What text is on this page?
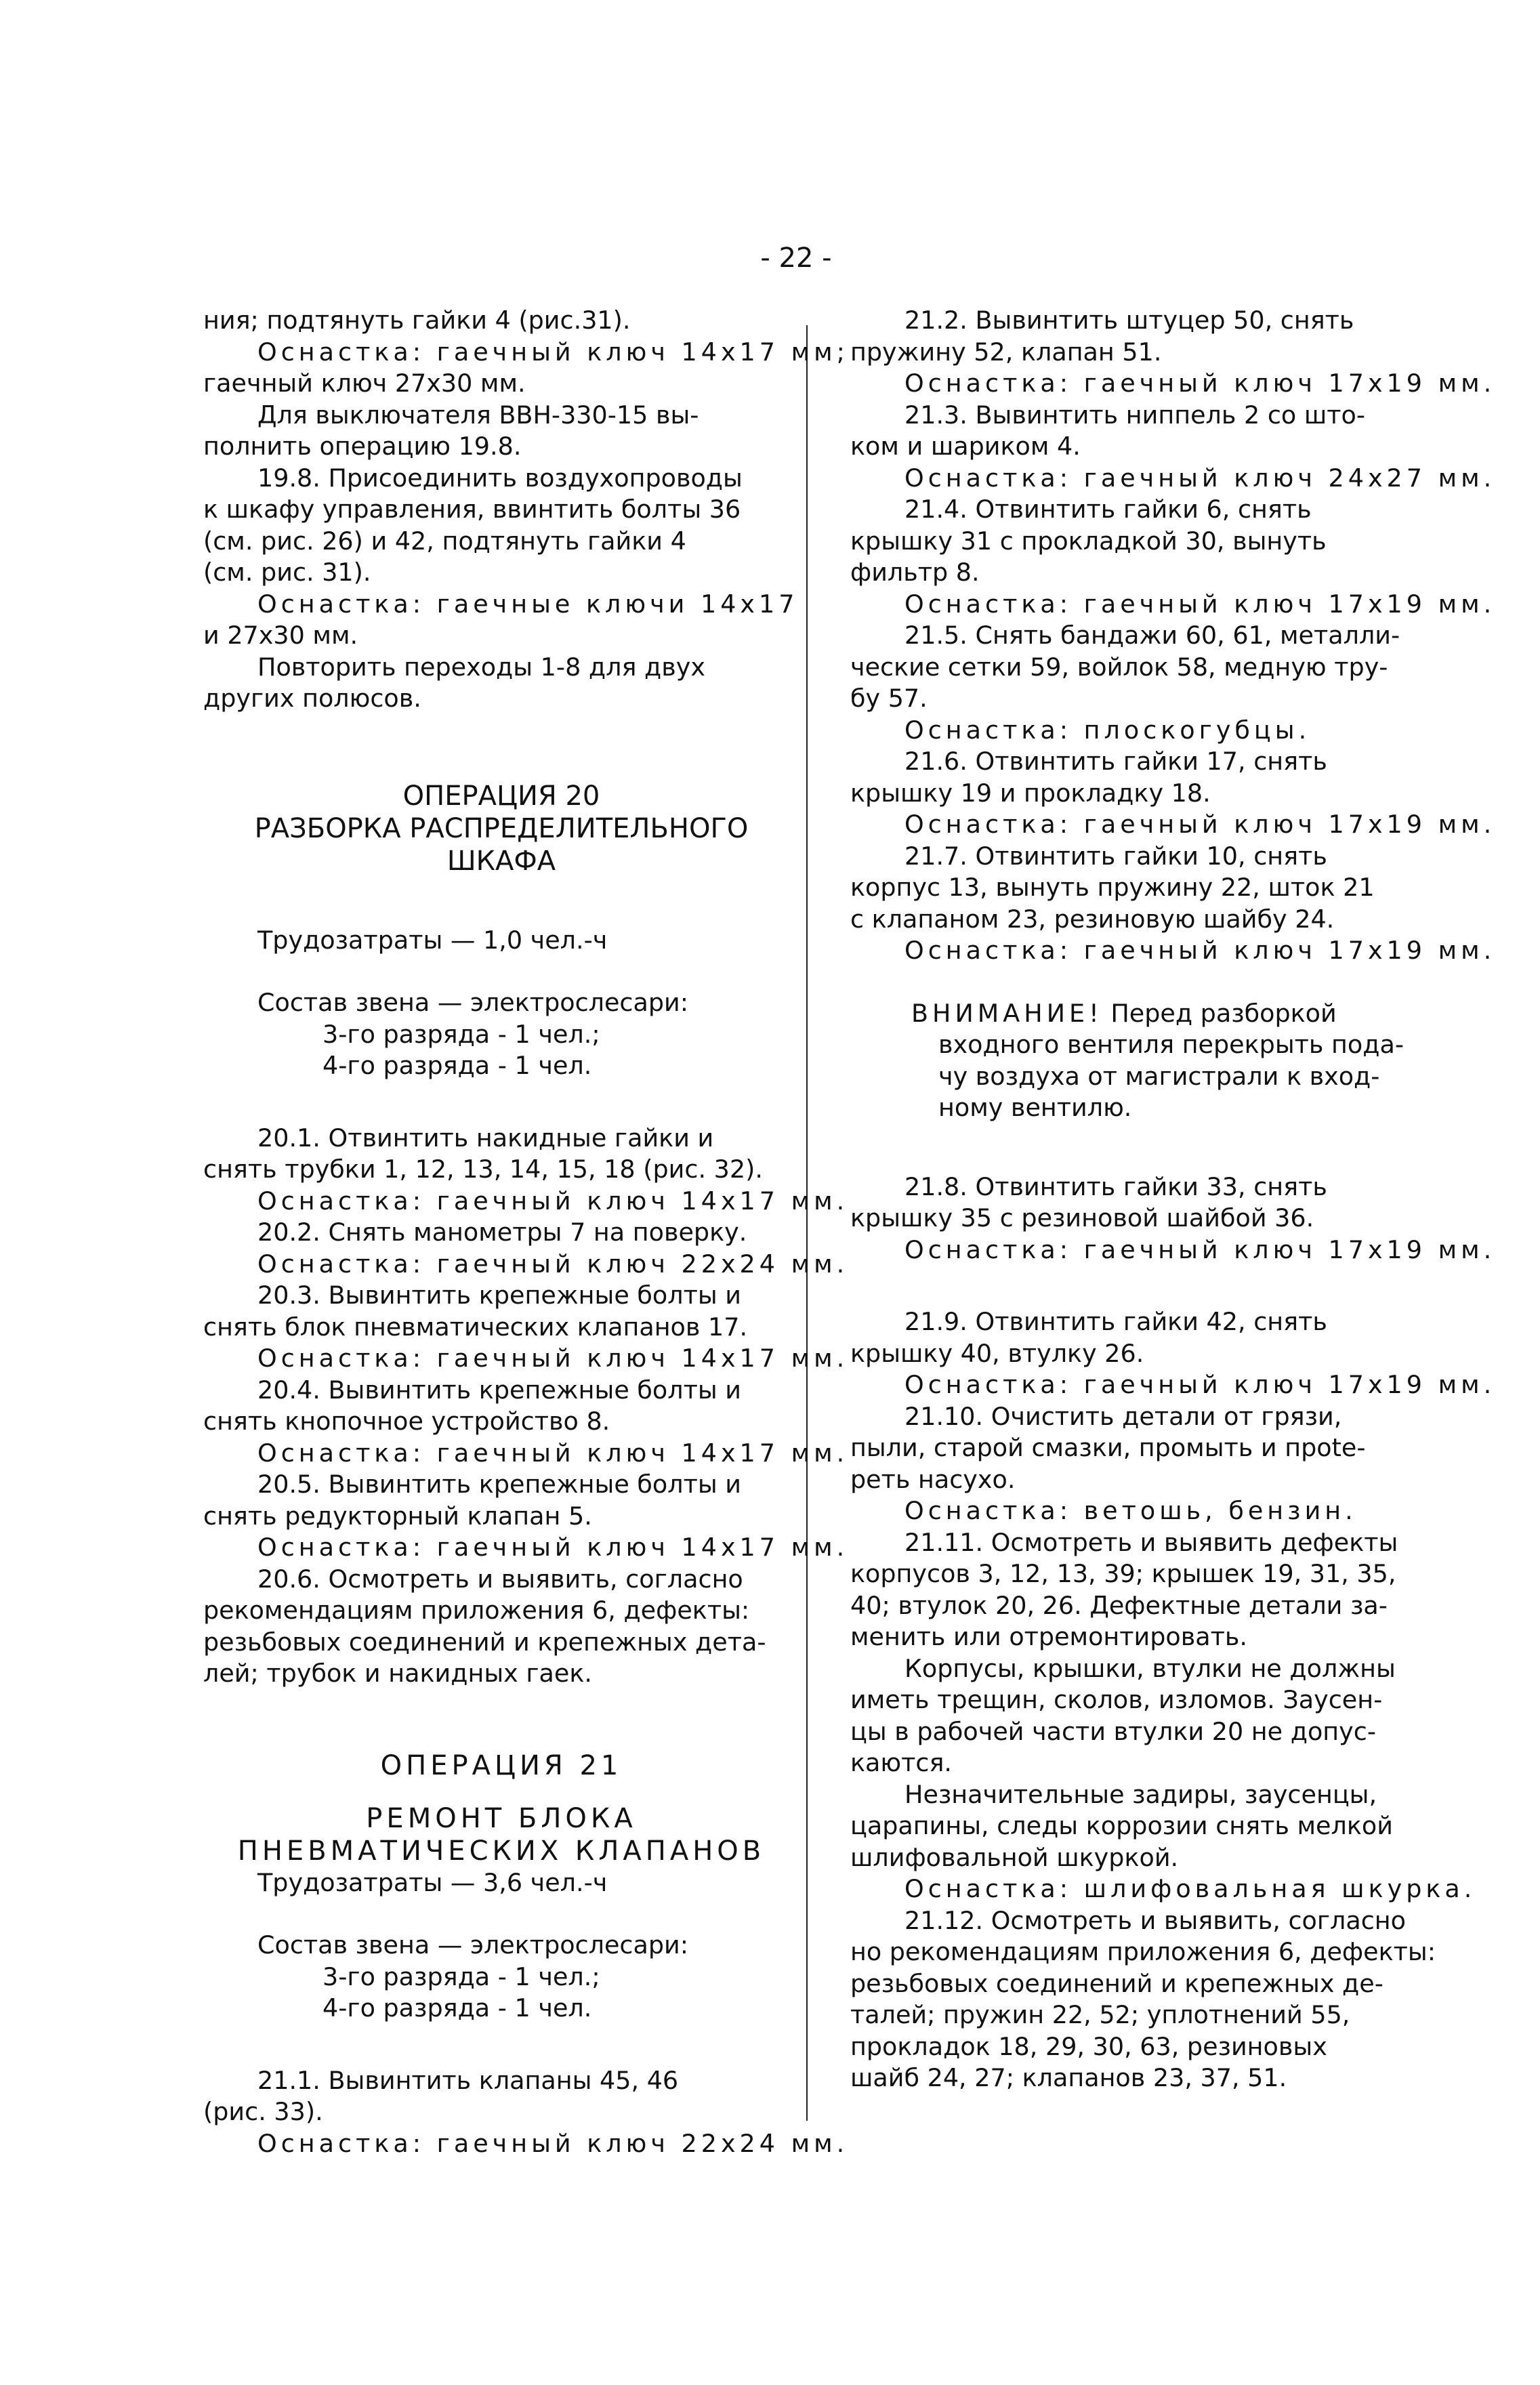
- 22 -
ния; подтянуть гайки 4 (рис.31).
Оснастка: гаечный ключ 14х17 мм;
гаечный ключ 27х30 мм.
Для выключателя ВВН-330-15 вы-
полнить операцию 19.8.
19.8. Присоединить воздухопроводы
к шкафу управления, ввинтить болты 36
(см. рис. 26) и 42, подтянуть гайки 4
(см. рис. 31).
Оснастка: гаечные ключи 14х17
и 27х30 мм.
Повторить переходы 1-8 для двух
других полюсов.
ОПЕРАЦИЯ 20
РАЗБОРКА РАСПРЕДЕЛИТЕЛЬНОГО
ШКАФА
Трудозатраты — 1,0 чел.-ч
Состав звена — электрослесари:
3-го разряда - 1 чел.;
4-го разряда - 1 чел.
20.1. Отвинтить накидные гайки и
снять трубки 1, 12, 13, 14, 15, 18 (рис. 32).
Оснастка: гаечный ключ 14х17 мм.
20.2. Снять манометры 7 на поверку.
Оснастка: гаечный ключ 22х24 мм.
20.3. Вывинтить крепежные болты и
снять блок пневматических клапанов 17.
Оснастка: гаечный ключ 14х17 мм.
20.4. Вывинтить крепежные болты и
снять кнопочное устройство 8.
Оснастка: гаечный ключ 14х17 мм.
20.5. Вывинтить крепежные болты и
снять редукторный клапан 5.
Оснастка: гаечный ключ 14х17 мм.
20.6. Осмотреть и выявить, согласно
рекомендациям приложения 6, дефекты:
резьбовых соединений и крепежных дета-
лей; трубок и накидных гаек.
ОПЕРАЦИЯ 21
РЕМОНТ БЛОКА
ПНЕВМАТИЧЕСКИХ КЛАПАНОВ
Трудозатраты — 3,6 чел.-ч
Состав звена — электрослесари:
3-го разряда - 1 чел.;
4-го разряда - 1 чел.
21.1. Вывинтить клапаны 45, 46
(рис. 33).
Оснастка: гаечный ключ 22х24 мм.
21.2. Вывинтить штуцер 50, снять
пружину 52, клапан 51.
Оснастка: гаечный ключ 17х19 мм.
21.3. Вывинтить ниппель 2 со што-
ком и шариком 4.
Оснастка: гаечный ключ 24х27 мм.
21.4. Отвинтить гайки 6, снять
крышку 31 с прокладкой 30, вынуть
фильтр 8.
Оснастка: гаечный ключ 17х19 мм.
21.5. Снять бандажи 60, 61, металли-
ческие сетки 59, войлок 58, медную тру-
бу 57.
Оснастка: плоскогубцы.
21.6. Отвинтить гайки 17, снять
крышку 19 и прокладку 18.
Оснастка: гаечный ключ 17х19 мм.
21.7. Отвинтить гайки 10, снять
корпус 13, вынуть пружину 22, шток 21
с клапаном 23, резиновую шайбу 24.
Оснастка: гаечный ключ 17х19 мм.
ВНИМАНИЕ! Перед разборкой
входного вентиля перекрыть пода-
чу воздуха от магистрали к вход-
ному вентилю.
21.8. Отвинтить гайки 33, снять
крышку 35 с резиновой шайбой 36.
Оснастка: гаечный ключ 17х19 мм.
21.9. Отвинтить гайки 42, снять
крышку 40, втулку 26.
Оснастка: гаечный ключ 17х19 мм.
21.10. Очистить детали от грязи,
пыли, старой смазки, промыть и прote-
реть насухо.
Оснастка: ветошь, бензин.
21.11. Осмотреть и выявить дефекты
корпусов 3, 12, 13, 39; крышек 19, 31, 35,
40; втулок 20, 26. Дефектные детали за-
менить или отремонтировать.
Корпусы, крышки, втулки не должны
иметь трещин, сколов, изломов. Заусен-
цы в рабочей части втулки 20 не допус-
каются.
Незначительные задиры, заусенцы,
царапины, следы коррозии снять мелкой
шлифовальной шкуркой.
Оснастка: шлифовальная шкурка.
21.12. Осмотреть и выявить, согласно
но рекомендациям приложения 6, дефекты:
резьбовых соединений и крепежных де-
талей; пружин 22, 52; уплотнений 55,
прокладок 18, 29, 30, 63, резиновых
шайб 24, 27; клапанов 23, 37, 51.
